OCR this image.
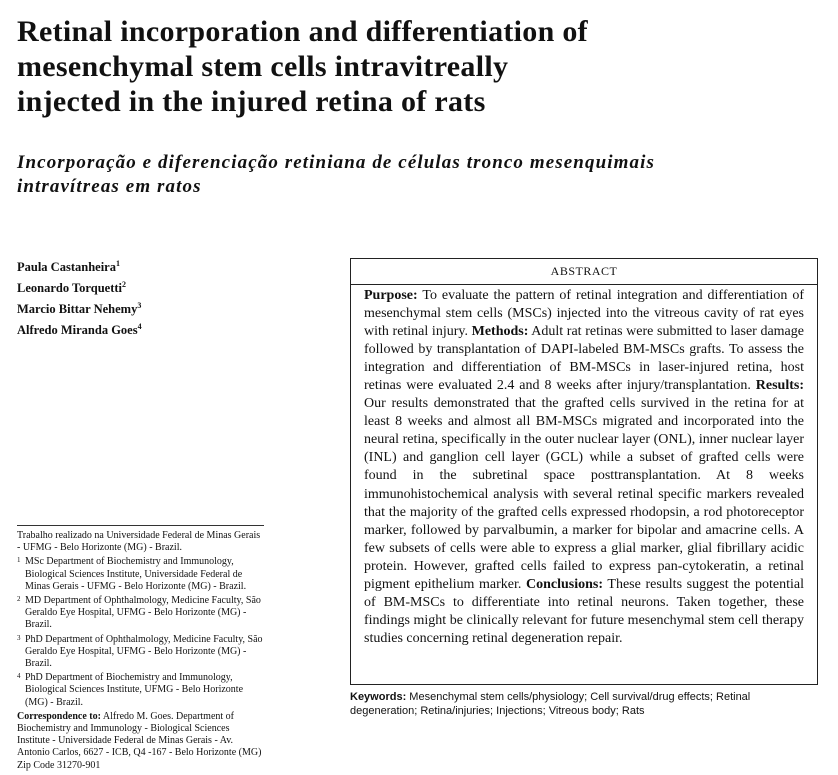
Retinal incorporation and differentiation of
mesenchymal stem cells intravitreally
injected in the injured retina of rats
Incorporação e diferenciação retiniana de células tronco mesenquimais
intravítreas em ratos
Paula Castanheira$^1$
Leonardo Torquetti$^2$
Marcio Bittar Nehemy$^3$
Alfredo Miranda Goes$^4$
Trabalho realizado na Universidade Federal de Minas Gerais - UFMG - Belo Horizonte (MG) - Brazil.
1 MSc Department of Biochemistry and Immunology, Biological Sciences Institute, Universidade Federal de Minas Gerais - UFMG - Belo Horizonte (MG) - Brazil.
2 MD Department of Ophthalmology, Medicine Faculty, São Geraldo Eye Hospital, UFMG - Belo Horizonte (MG) - Brazil.
3 PhD Department of Ophthalmology, Medicine Faculty, São Geraldo Eye Hospital, UFMG - Belo Horizonte (MG) - Brazil.
4 PhD Department of Biochemistry and Immunology, Biological Sciences Institute, UFMG - Belo Horizonte (MG) - Brazil.
Correspondence to: Alfredo M. Goes. Department of Biochemistry and Immunology - Biological Sciences Institute - Universidade Federal de Minas Gerais - Av. Antonio Carlos, 6627 - ICB, Q4 -167 - Belo Horizonte (MG) Zip Code 31270-901
ABSTRACT
Purpose: To evaluate the pattern of retinal integration and differentiation of mesenchymal stem cells (MSCs) injected into the vitreous cavity of rat eyes with retinal injury. Methods: Adult rat retinas were submitted to laser damage followed by transplantation of DAPI-labeled BM-MSCs grafts. To assess the integration and differentiation of BM-MSCs in laser-injured retina, host retinas were evaluated 2.4 and 8 weeks after injury/transplantation. Results: Our results demonstrated that the grafted cells survived in the retina for at least 8 weeks and almost all BM-MSCs migrated and incorporated into the neural retina, specifically in the outer nuclear layer (ONL), inner nuclear layer (INL) and ganglion cell layer (GCL) while a subset of grafted cells were found in the subretinal space posttransplantation. At 8 weeks immunohistochemical analysis with several retinal specific markers revealed that the majority of the grafted cells expressed rhodopsin, a rod photoreceptor marker, followed by parvalbumin, a marker for bipolar and amacrine cells. A few subsets of cells were able to express a glial marker, glial fibrillary acidic protein. However, grafted cells failed to express pan-cytokeratin, a retinal pigment epithelium marker. Conclusions: These results suggest the potential of BM-MSCs to differentiate into retinal neurons. Taken together, these findings might be clinically relevant for future mesenchymal stem cell therapy studies concerning retinal degeneration repair.
Keywords: Mesenchymal stem cells/physiology; Cell survival/drug effects; Retinal degeneration; Retina/injuries; Injections; Vitreous body; Rats
